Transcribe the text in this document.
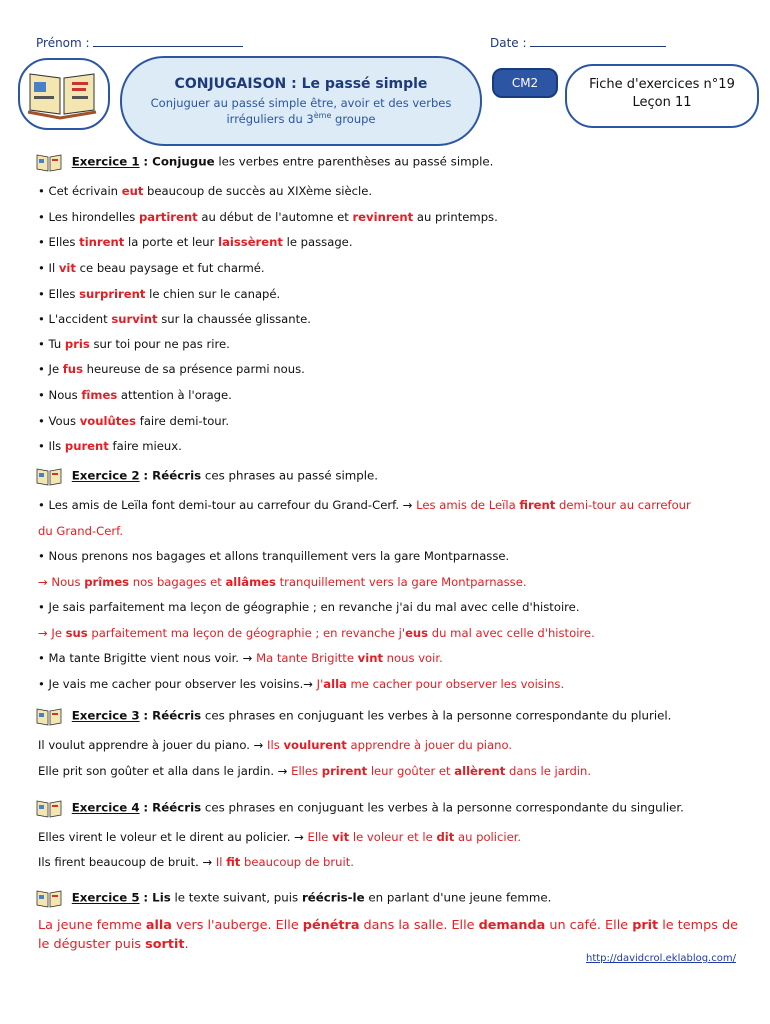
Prénom :	Date :
CONJUGAISON : Le passé simple
Conjuguer au passé simple être, avoir et des verbes
irréguliers du 3ème groupe
CM2	Fiche d'exercices n°19
Leçon 11
Exercice 1 : Conjugue les verbes entre parenthèses au passé simple.
• Cet écrivain eut beaucoup de succès au XIXème siècle.
• Les hirondelles partirent au début de l'automne et revinrent au printemps.
• Elles tinrent la porte et leur laissèrent le passage.
• Il vit ce beau paysage et fut charmé.
• Elles surprirent le chien sur le canapé.
• L'accident survint sur la chaussée glissante.
• Tu pris sur toi pour ne pas rire.
• Je fus heureuse de sa présence parmi nous.
• Nous fîmes attention à l'orage.
• Vous voulûtes faire demi-tour.
• Ils purent faire mieux.
Exercice 2 : Réécris ces phrases au passé simple.
• Les amis de Leïla font demi-tour au carrefour du Grand-Cerf. → Les amis de Leïla firent demi-tour au carrefour
du Grand-Cerf.
• Nous prenons nos bagages et allons tranquillement vers la gare Montparnasse.
→ Nous prîmes nos bagages et allâmes tranquillement vers la gare Montparnasse.
• Je sais parfaitement ma leçon de géographie ; en revanche j'ai du mal avec celle d'histoire.
→ Je sus parfaitement ma leçon de géographie ; en revanche j'eus du mal avec celle d'histoire.
• Ma tante Brigitte vient nous voir. → Ma tante Brigitte vint nous voir.
• Je vais me cacher pour observer les voisins.→ J'alla me cacher pour observer les voisins.
Exercice 3 : Réécris ces phrases en conjuguant les verbes à la personne correspondante du pluriel.
Il voulut apprendre à jouer du piano. → Ils voulurent apprendre à jouer du piano.
Elle prit son goûter et alla dans le jardin. → Elles prirent leur goûter et allèrent dans le jardin.
Exercice 4 : Réécris ces phrases en conjuguant les verbes à la personne correspondante du singulier.
Elles virent le voleur et le dirent au policier. → Elle vit le voleur et le dit au policier.
Ils firent beaucoup de bruit. → Il fit beaucoup de bruit.
Exercice 5 : Lis le texte suivant, puis réécris-le en parlant d'une jeune femme.
La jeune femme alla vers l'auberge. Elle pénétra dans la salle. Elle demanda un café. Elle prit le temps de
le déguster puis sortit.
http://davidcrol.eklablog.com/
